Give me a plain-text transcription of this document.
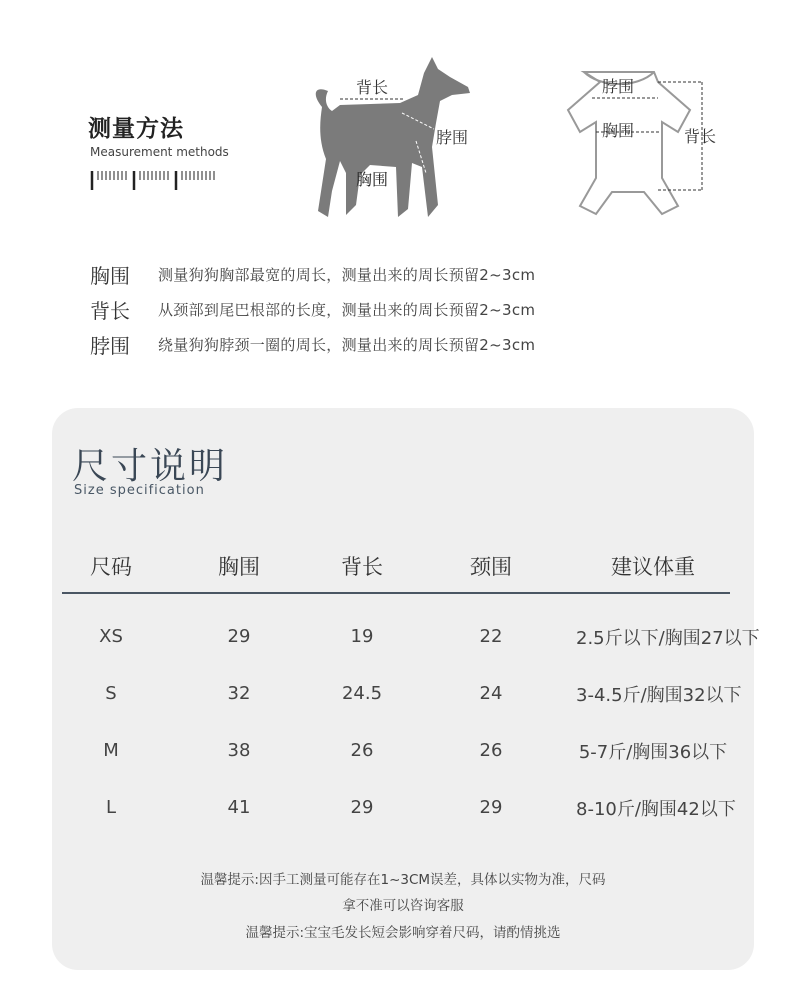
测量方法
Measurement methods
背长
脖围
胸围
脖围
胸围	背长
胸围	测量狗狗胸部最宽的周长，测量出来的周长预留2~3cm
背长	从颈部到尾巴根部的长度，测量出来的周长预留2~3cm
脖围	绕量狗狗脖颈一圈的周长，测量出来的周长预留2~3cm
尺寸说明
Size specification
尺码	胸围	背长	颈围	建议体重
XS	29	19	22	2.5斤以下/胸围27以下
S	32	24.5	24	3-4.5斤/胸围32以下
M	38	26	26	5-7斤/胸围36以下
L	41	29	29	8-10斤/胸围42以下
温馨提示:因手工测量可能存在1~3CM误差，具体以实物为准，尺码
拿不准可以咨询客服
温馨提示:宝宝毛发长短会影响穿着尺码，请酌情挑选
